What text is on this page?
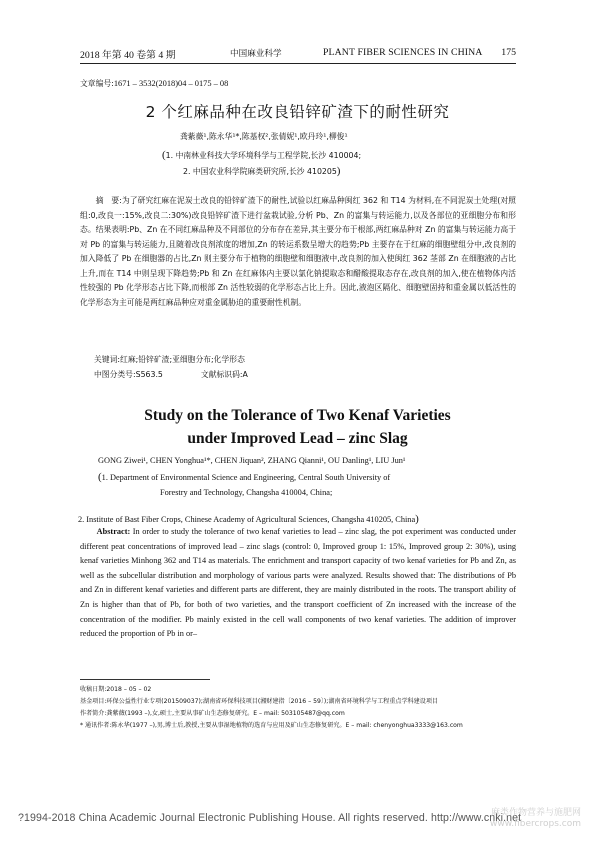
2018 年第 40 卷第 4 期	中国麻业科学	PLANT FIBER SCIENCES IN CHINA 175
文章编号:1671 – 3532(2018)04 – 0175 – 08
2 个红麻品种在改良铅锌矿渣下的耐性研究
龚紫薇¹,陈永华¹*,陈基权²,张倩妮¹,欧丹玲¹,柳俊¹
(1. 中南林业科技大学环境科学与工程学院,长沙 410004;
2. 中国农业科学院麻类研究所,长沙 410205)

摘　要:为了研究红麻在泥炭土改良的铅锌矿渣下的耐性,试验以红麻品种闽红 362 和 T14 为材料,在不同泥炭土处理(对照组:0,改良一:15%,改良二:30%)改良铅锌矿渣下进行盆栽试验,分析 Pb、Zn 的富集与转运能力,以及各部位的亚细胞分布和形态。结果表明:Pb、Zn 在不同红麻品种及不同部位的分布存在差异,其主要分布于根部,两红麻品种对 Zn 的富集与转运能力高于对 Pb 的富集与转运能力,且随着改良剂浓度的增加,Zn 的转运系数呈增大的趋势;Pb 主要存在于红麻的细胞壁组分中,改良剂的加入降低了 Pb 在细胞器的占比,Zn 则主要分布于植物的细胞壁和细胞液中,改良剂的加入使闽红 362 茎部 Zn 在细胞液的占比上升,而在 T14 中则呈现下降趋势;Pb 和 Zn 在红麻体内主要以氯化钠提取态和醋酸提取态存在,改良剂的加入,使在植物体内活性较强的 Pb 化学形态占比下降,而根部 Zn 活性较弱的化学形态占比上升。因此,液泡区隔化、细胞壁固持和重金属以低活性的化学形态为主可能是两红麻品种应对重金属胁迫的重要耐性机制。

关键词:红麻;铅锌矿渣;亚细胞分布;化学形态
中图分类号:S563.5	文献标识码:A
Study on the Tolerance of Two Kenaf Varieties
under Improved Lead – zinc Slag
GONG Ziwei¹, CHEN Yonghua¹*, CHEN Jiquan², ZHANG Qianni¹, OU Danling¹, LIU Jun¹
(1. Department of Environmental Science and Engineering, Central South University of
Forestry and Technology, Changsha 410004, China;
2. Institute of Bast Fiber Crops, Chinese Academy of Agricultural Sciences, Changsha 410205, China)

Abstract: In order to study the tolerance of two kenaf varieties to lead – zinc slag, the pot experiment was conducted under different peat concentrations of improved lead – zinc slags (control: 0, Improved group 1: 15%, Improved group 2: 30%), using kenaf varieties Minhong 362 and T14 as materials. The enrichment and transport capacity of two kenaf varieties for Pb and Zn, as well as the subcellular distribution and morphology of various parts were analyzed. Results showed that: The distributions of Pb and Zn in different kenaf varieties and different parts are different, they are mainly distributed in the roots. The transport ability of Zn is higher than that of Pb, for both of two varieties, and the transport coefficient of Zn increased with the increase of the concentration of the modifier. Pb mainly existed in the cell wall components of two kenaf varieties. The addition of improver reduced the proportion of Pb in or–

收稿日期:2018 – 05 – 02

基金项目:环保公益性行业专项(201509037);湖南省环保科技项目(湘财建指〔2016 – 59〕);湖南省环境科学与工程重点学科建设项目

作者简介:龚紫薇(1993 –),女,硕士,主要从事矿山生态修复研究。E – mail: 503105487@qq.com

* 通讯作者:陈永华(1977 –),男,博士后,教授,主要从事湿地植物的选育与应用及矿山生态修复研究。E – mail: chenyonghua3333@163.com

?1994-2018 China Academic Journal Electronic Publishing House. All rights reserved. http://www.cnki.net
麻类作物营养与施肥网
www.fibercrops.com
